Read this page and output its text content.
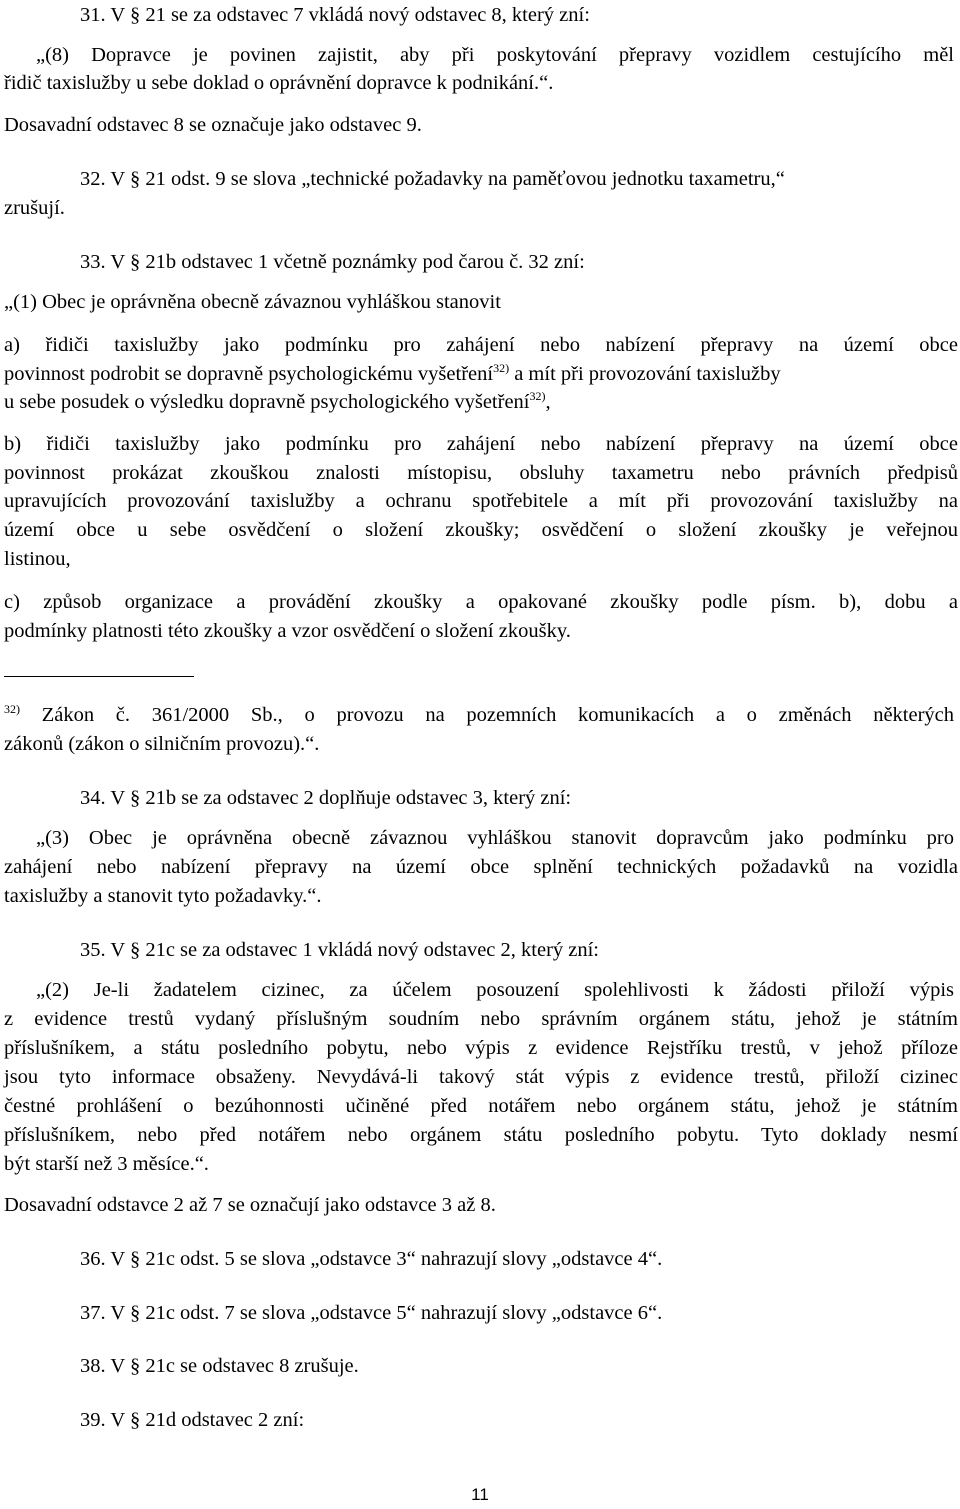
31. V § 21 se za odstavec 7 vkládá nový odstavec 8, který zní:
„(8) Dopravce je povinen zajistit, aby při poskytování přepravy vozidlem cestujícího měl
řidič taxislužby u sebe doklad o oprávnění dopravce k podnikání.“.
Dosavadní odstavec 8 se označuje jako odstavec 9.
32. V § 21 odst. 9 se slova „technické požadavky na paměťovou jednotku taxametru,“
zrušují.
33. V § 21b odstavec 1 včetně poznámky pod čarou č. 32 zní:
„(1) Obec je oprávněna obecně závaznou vyhláškou stanovit
a) řidiči taxislužby jako podmínku pro zahájení nebo nabízení přepravy na území obce
povinnost podrobit se dopravně psychologickému vyšetření$^{32)}$ a mít při provozování taxislužby
u sebe posudek o výsledku dopravně psychologického vyšetření$^{32)}$,
b) řidiči taxislužby jako podmínku pro zahájení nebo nabízení přepravy na území obce
povinnost prokázat zkouškou znalosti místopisu, obsluhy taxametru nebo právních předpisů
upravujících provozování taxislužby a ochranu spotřebitele a mít při provozování taxislužby na
území obce u sebe osvědčení o složení zkoušky; osvědčení o složení zkoušky je veřejnou
listinou,
c) způsob organizace a provádění zkoušky a opakované zkoušky podle písm. b), dobu a
podmínky platnosti této zkoušky a vzor osvědčení o složení zkoušky.
$^{32)}$ Zákon č. 361/2000 Sb., o provozu na pozemních komunikacích a o změnách některých
zákonů (zákon o silničním provozu).“.
34. V § 21b se za odstavec 2 doplňuje odstavec 3, který zní:
„(3) Obec je oprávněna obecně závaznou vyhláškou stanovit dopravcům jako podmínku pro
zahájení nebo nabízení přepravy na území obce splnění technických požadavků na vozidla
taxislužby a stanovit tyto požadavky.“.
35. V § 21c se za odstavec 1 vkládá nový odstavec 2, který zní:
„(2) Je-li žadatelem cizinec, za účelem posouzení spolehlivosti k žádosti přiloží výpis
z evidence trestů vydaný příslušným soudním nebo správním orgánem státu, jehož je státním
příslušníkem, a státu posledního pobytu, nebo výpis z evidence Rejstříku trestů, v jehož příloze
jsou tyto informace obsaženy. Nevydává-li takový stát výpis z evidence trestů, přiloží cizinec
čestné prohlášení o bezúhonnosti učiněné před notářem nebo orgánem státu, jehož je státním
příslušníkem, nebo před notářem nebo orgánem státu posledního pobytu. Tyto doklady nesmí
být starší než 3 měsíce.“.
Dosavadní odstavce 2 až 7 se označují jako odstavce 3 až 8.
36. V § 21c odst. 5 se slova „odstavce 3“ nahrazují slovy „odstavce 4“.
37. V § 21c odst. 7 se slova „odstavce 5“ nahrazují slovy „odstavce 6“.
38. V § 21c se odstavec 8 zrušuje.
39. V § 21d odstavec 2 zní:
11
